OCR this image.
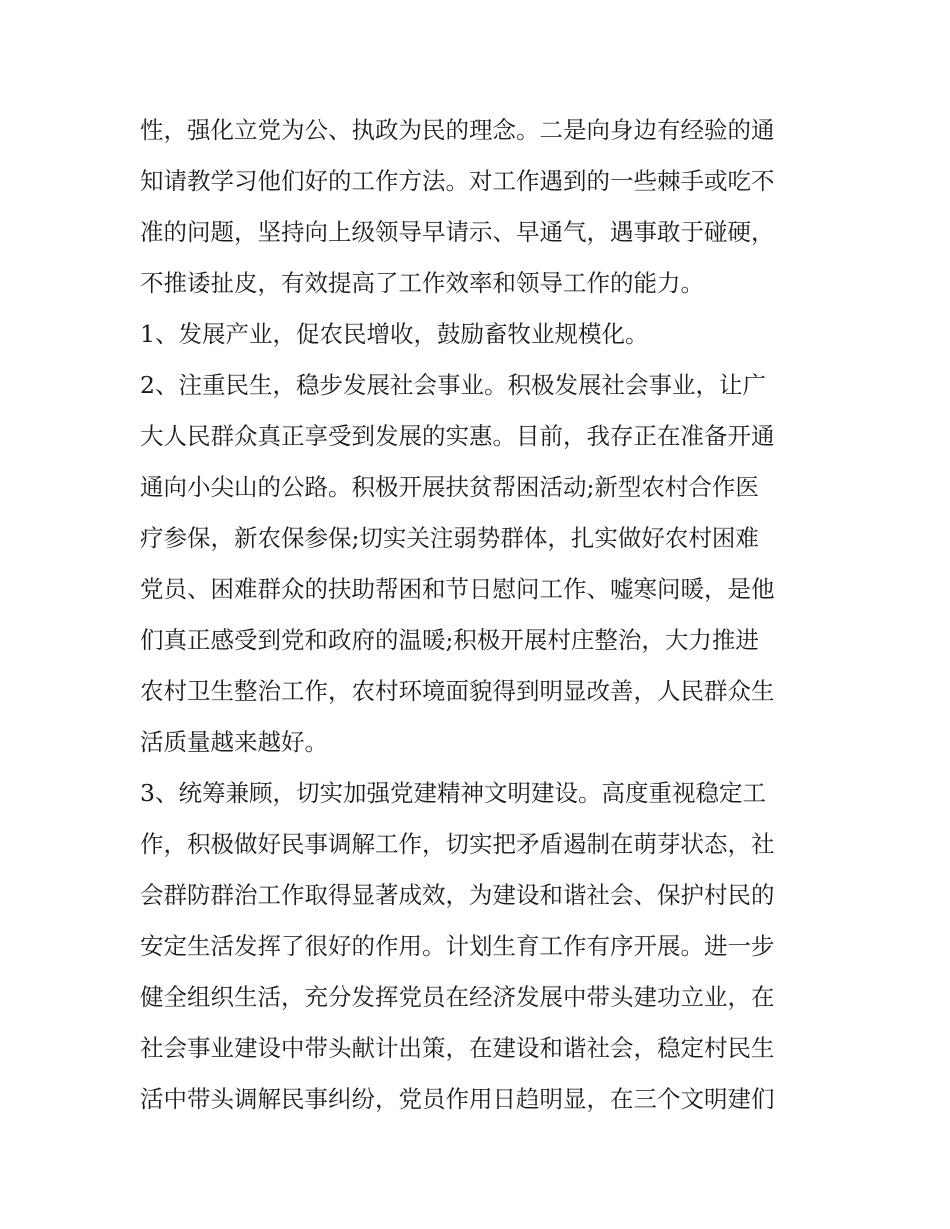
性，强化立党为公、执政为民的理念。二是向身边有经验的通
知请教学习他们好的工作方法。对工作遇到的一些棘手或吃不
准的问题，坚持向上级领导早请示、早通气，遇事敢于碰硬，
不推诿扯皮，有效提高了工作效率和领导工作的能力。
1、发展产业，促农民增收，鼓励畜牧业规模化。
2、注重民生，稳步发展社会事业。积极发展社会事业，让广
大人民群众真正享受到发展的实惠。目前，我存正在准备开通
通向小尖山的公路。积极开展扶贫帮困活动;新型农村合作医
疗参保，新农保参保;切实关注弱势群体，扎实做好农村困难
党员、困难群众的扶助帮困和节日慰问工作、嘘寒问暖，是他
们真正感受到党和政府的温暖;积极开展村庄整治，大力推进
农村卫生整治工作，农村环境面貌得到明显改善，人民群众生
活质量越来越好。
3、统筹兼顾，切实加强党建精神文明建设。高度重视稳定工
作，积极做好民事调解工作，切实把矛盾遏制在萌芽状态，社
会群防群治工作取得显著成效，为建设和谐社会、保护村民的
安定生活发挥了很好的作用。计划生育工作有序开展。进一步
健全组织生活，充分发挥党员在经济发展中带头建功立业，在
社会事业建设中带头献计出策，在建设和谐社会，稳定村民生
活中带头调解民事纠纷，党员作用日趋明显，在三个文明建们
